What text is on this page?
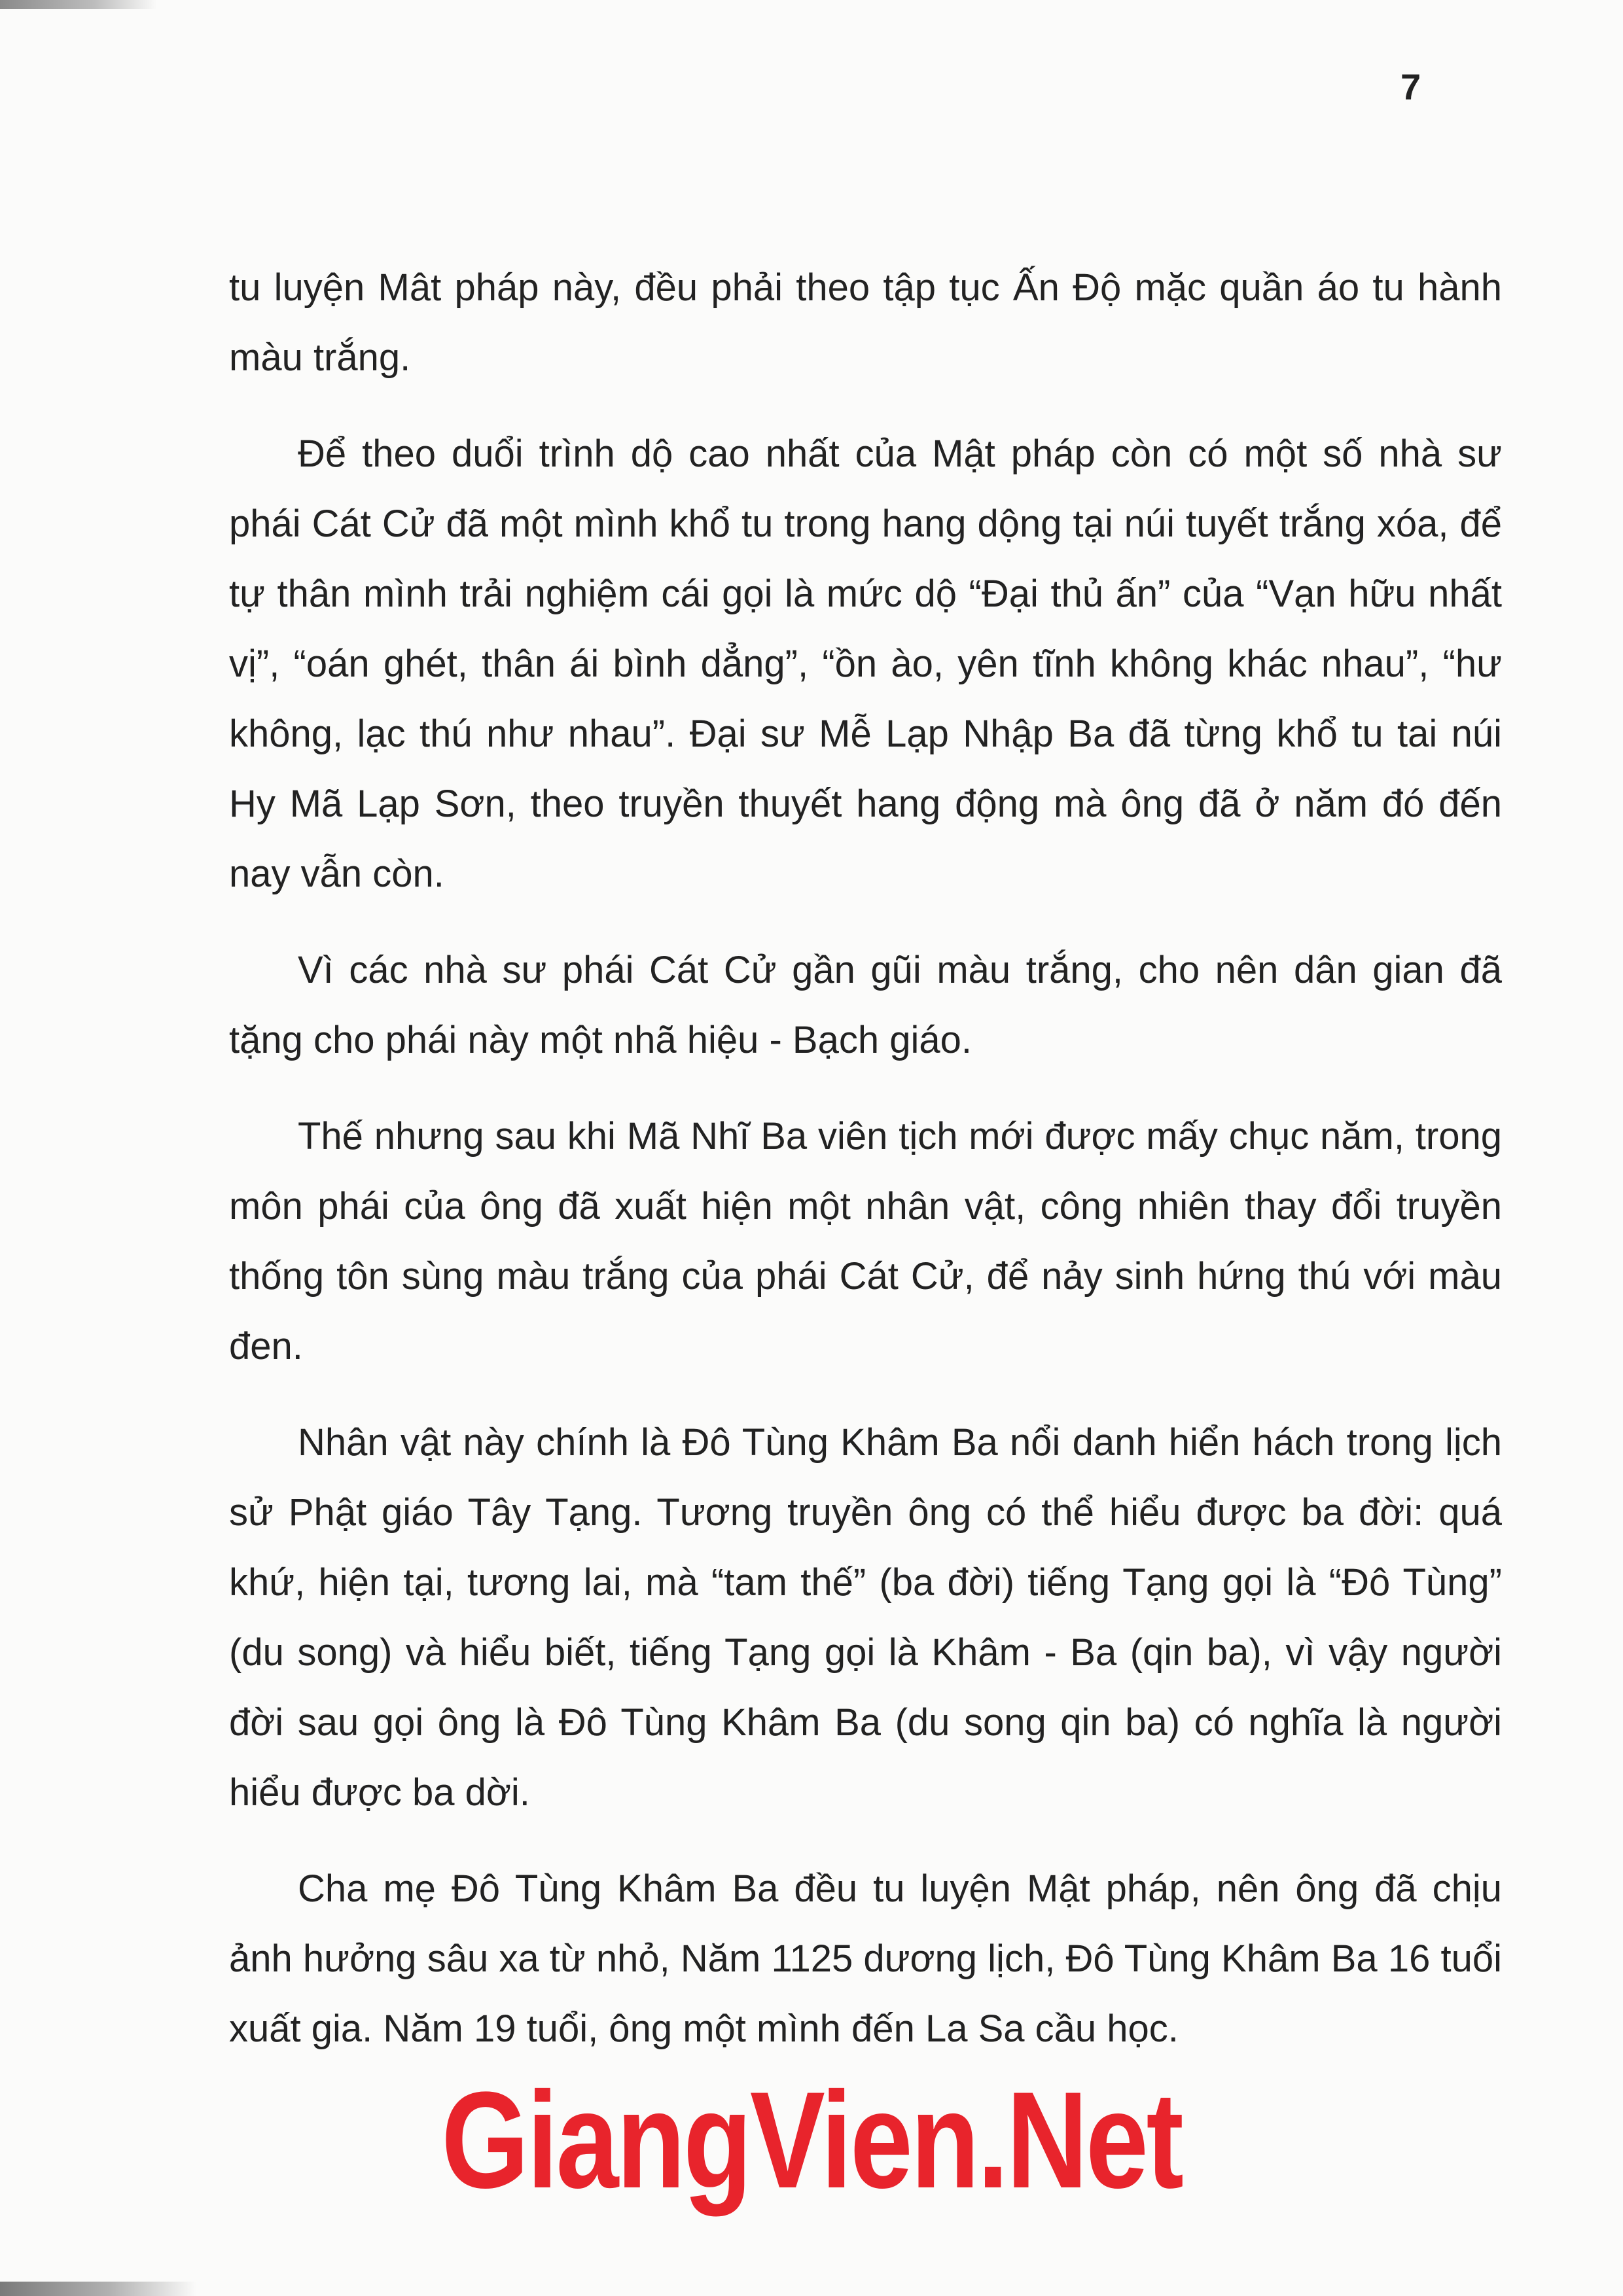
7

tu luyện Mât pháp này, đều phải theo tập tục Ấn Độ mặc quần áo tu hành màu trắng.

Để theo duổi trình dộ cao nhất của Mật pháp còn có một số nhà sư phái Cát Cử đã một mình khổ tu trong hang dộng tại núi tuyết trắng xóa, để tự thân mình trải nghiệm cái gọi là mức dộ “Đại thủ ấn” của “Vạn hữu nhất vị”, “oán ghét, thân ái bình dẳng”, “ồn ào, yên tĩnh không khác nhau”, “hư không, lạc thú như nhau”. Đại sư Mễ Lạp Nhập Ba đã từng khổ tu tai núi Hy Mã Lạp Sơn, theo truyền thuyết hang động mà ông đã ở năm đó đến nay vẫn còn.

Vì các nhà sư phái Cát Cử gần gũi màu trắng, cho nên dân gian đã tặng cho phái này một nhã hiệu - Bạch giáo.

Thế nhưng sau khi Mã Nhĩ Ba viên tịch mới được mấy chục năm, trong môn phái của ông đã xuất hiện một nhân vật, công nhiên thay đổi truyền thống tôn sùng màu trắng của phái Cát Cử, để nảy sinh hứng thú với màu đen.

Nhân vật này chính là Đô Tùng Khâm Ba nổi danh hiển hách trong lịch sử Phật giáo Tây Tạng. Tương truyền ông có thể hiểu được ba đời: quá khứ, hiện tại, tương lai, mà “tam thế” (ba đời) tiếng Tạng gọi là “Đô Tùng” (du song) và hiểu biết, tiếng Tạng gọi là Khâm - Ba (qin ba), vì vậy người đời sau gọi ông là Đô Tùng Khâm Ba (du song qin ba) có nghĩa là người hiểu được ba dời.

Cha mẹ Đô Tùng Khâm Ba đều tu luyện Mật pháp, nên ông đã chịu ảnh hưởng sâu xa từ nhỏ, Năm 1125 dương lịch, Đô Tùng Khâm Ba 16 tuổi xuất gia. Năm 19 tuổi, ông một mình đến La Sa cầu học.

GiangVien.Net
